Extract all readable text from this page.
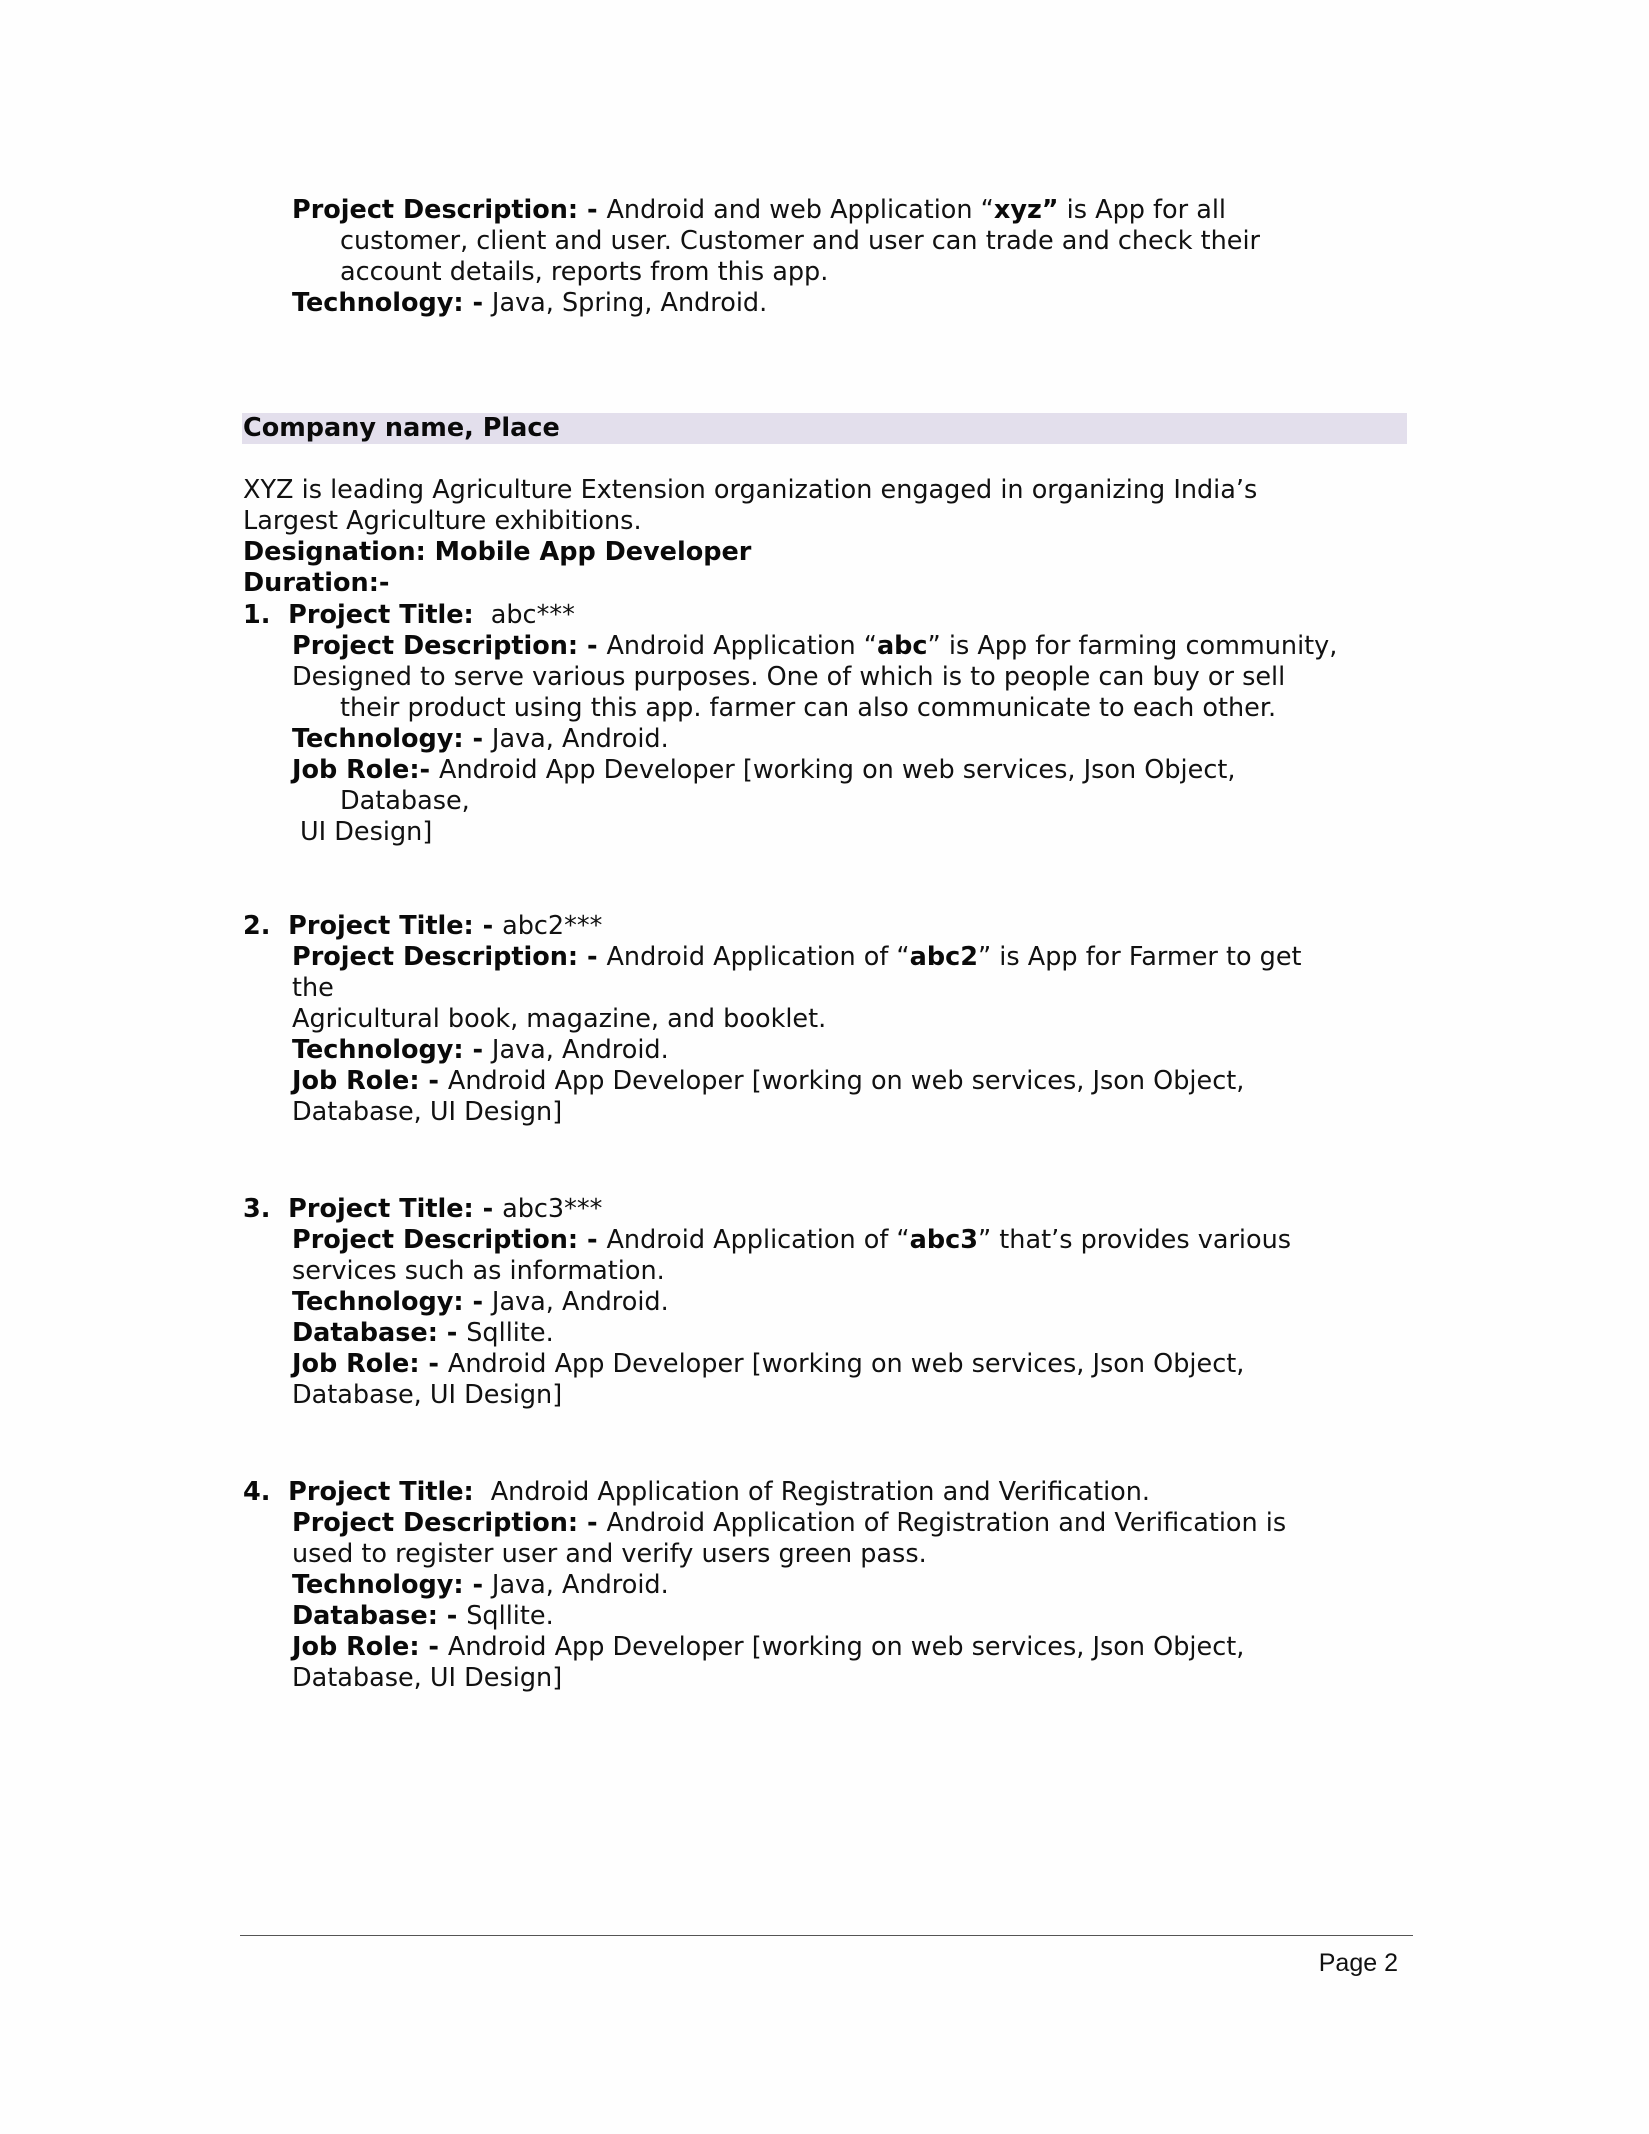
Project Description: - Android and web Application “xyz” is App for all
customer, client and user. Customer and user can trade and check their
account details, reports from this app.
Technology: - Java, Spring, Android.
Company name, Place
XYZ is leading Agriculture Extension organization engaged in organizing India’s
Largest Agriculture exhibitions.
Designation: Mobile App Developer
Duration:-
1.  Project Title:  abc***
Project Description: - Android Application “abc” is App for farming community,
Designed to serve various purposes. One of which is to people can buy or sell
their product using this app. farmer can also communicate to each other.
Technology: - Java, Android.
Job Role:- Android App Developer [working on web services, Json Object,
Database,
UI Design]
2.  Project Title: - abc2***
Project Description: - Android Application of “abc2” is App for Farmer to get
the
Agricultural book, magazine, and booklet.
Technology: - Java, Android.
Job Role: - Android App Developer [working on web services, Json Object,
Database, UI Design]
3.  Project Title: - abc3***
Project Description: - Android Application of “abc3” that’s provides various
services such as information.
Technology: - Java, Android.
Database: - Sqllite.
Job Role: - Android App Developer [working on web services, Json Object,
Database, UI Design]
4.  Project Title:  Android Application of Registration and Verification.
Project Description: - Android Application of Registration and Verification is
used to register user and verify users green pass.
Technology: - Java, Android.
Database: - Sqllite.
Job Role: - Android App Developer [working on web services, Json Object,
Database, UI Design]
Page 2
